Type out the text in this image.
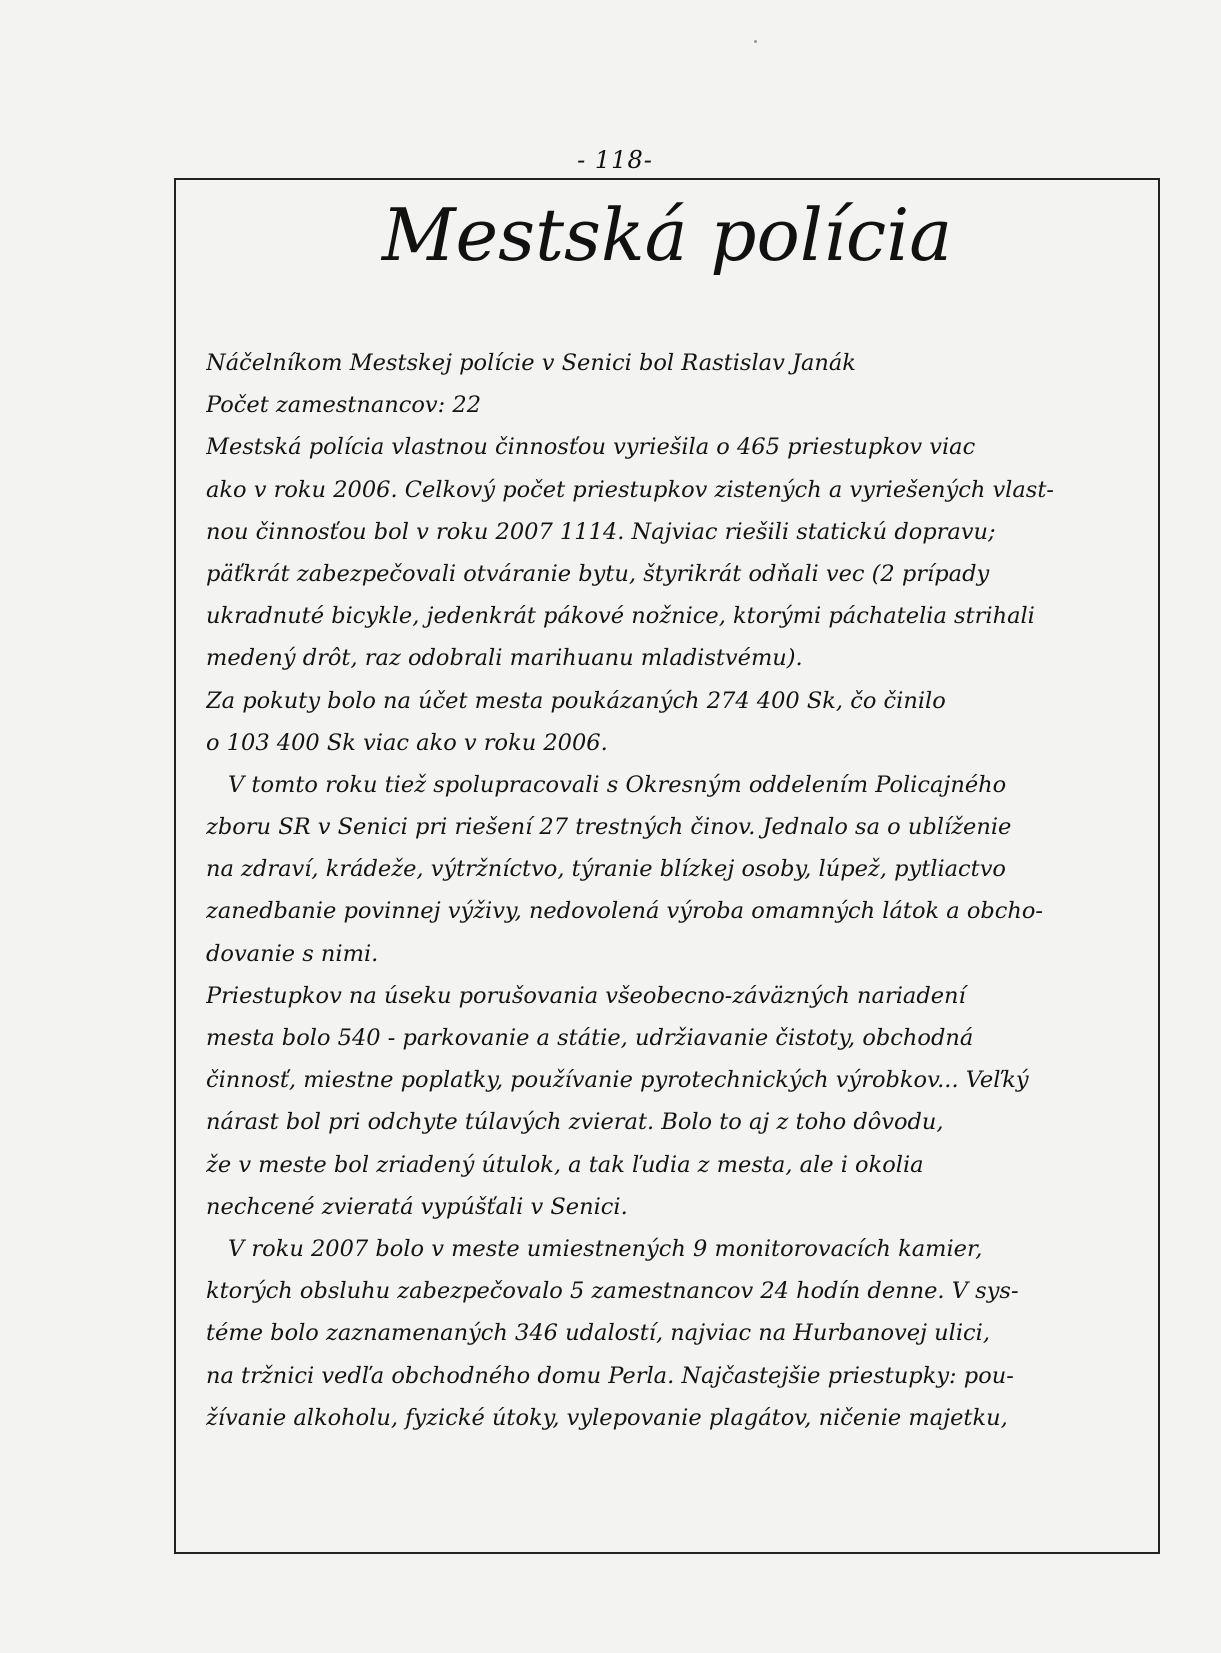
- 118-
Mestská polícia
Náčelníkom Mestskej polície v Senici bol Rastislav Janák
Počet zamestnancov: 22
Mestská polícia vlastnou činnosťou vyriešila o 465 priestupkov viac
ako v roku 2006. Celkový počet priestupkov zistených a vyriešených vlast-
nou činnosťou bol v roku 2007 1114. Najviac riešili statickú dopravu;
päťkrát zabezpečovali otváranie bytu, štyrikrát odňali vec (2 prípady
ukradnuté bicykle, jedenkrát pákové nožnice, ktorými páchatelia strihali
medený drôt, raz odobrali marihuanu mladistvému).
Za pokuty bolo na účet mesta poukázaných 274 400 Sk, čo činilo
o 103 400 Sk viac ako v roku 2006.
V tomto roku tiež spolupracovali s Okresným oddelením Policajného
zboru SR v Senici pri riešení 27 trestných činov. Jednalo sa o ublíženie
na zdraví, krádeže, výtržníctvo, týranie blízkej osoby, lúpež, pytliactvo
zanedbanie povinnej výživy, nedovolená výroba omamných látok a obcho-
dovanie s nimi.
Priestupkov na úseku porušovania všeobecno-záväzných nariadení
mesta bolo 540 - parkovanie a státie, udržiavanie čistoty, obchodná
činnosť, miestne poplatky, používanie pyrotechnických výrobkov... Veľký
nárast bol pri odchyte túlavých zvierat. Bolo to aj z toho dôvodu,
že v meste bol zriadený útulok, a tak ľudia z mesta, ale i okolia
nechcené zvieratá vypúšťali v Senici.
V roku 2007 bolo v meste umiestnených 9 monitorovacích kamier,
ktorých obsluhu zabezpečovalo 5 zamestnancov 24 hodín denne. V sys-
téme bolo zaznamenaných 346 udalostí, najviac na Hurbanovej ulici,
na tržnici vedľa obchodného domu Perla. Najčastejšie priestupky: pou-
žívanie alkoholu, fyzické útoky, vylepovanie plagátov, ničenie majetku,
